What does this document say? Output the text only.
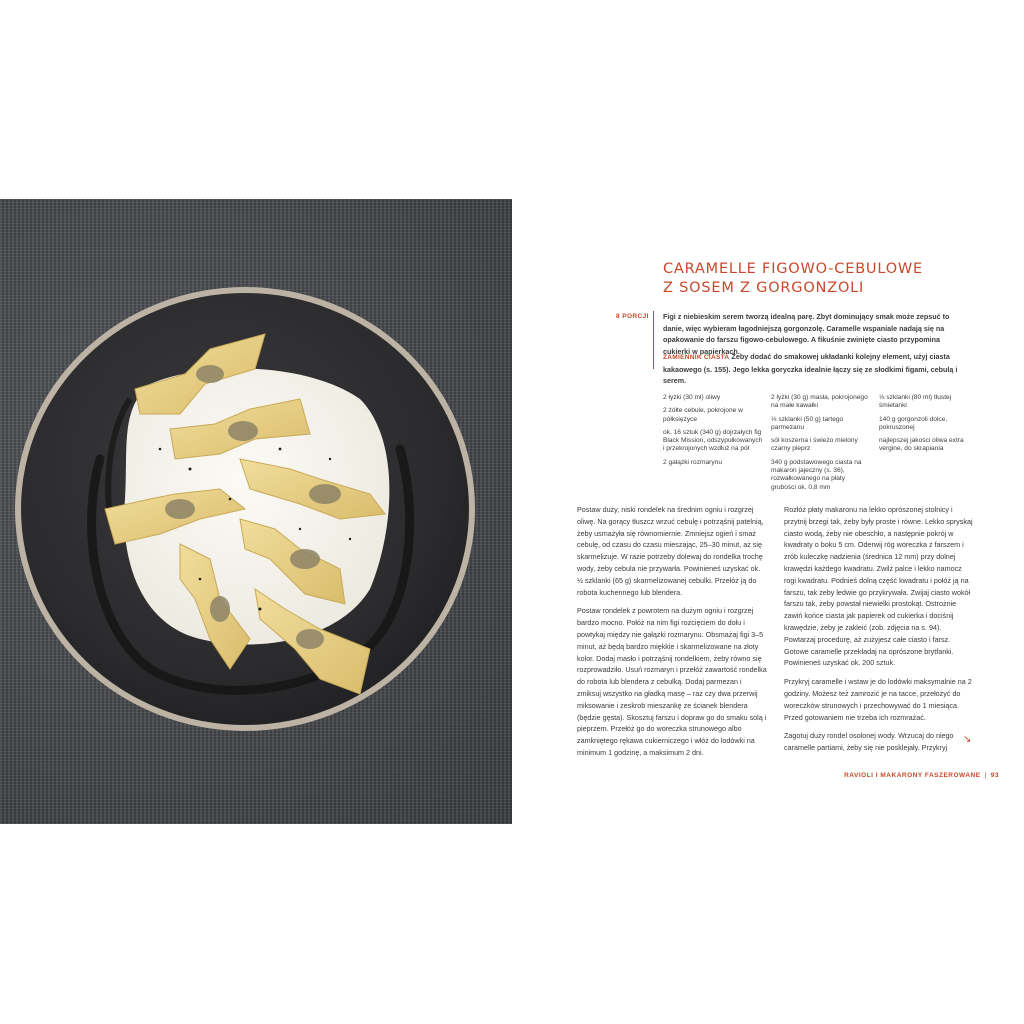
CARAMELLE FIGOWO-CEBULOWE
Z SOSEM Z GORGONZOLI
8 PORCJI Figi z niebieskim serem tworzą idealną parę. Zbyt dominujący smak może zepsuć to danie, więc wybieram łagodniejszą gorgonzolę. Caramelle wspaniale nadają się na opakowanie do farszu figowo-cebulowego. A fikuśnie zwinięte ciasto przypomina cukierki w papierkach.

ZAMIENNIK CIASTA Żeby dodać do smakowej układanki kolejny element, użyj ciasta kakaowego (s. 155). Jego lekka goryczka idealnie łączy się ze słodkimi figami, cebulą i serem.

2 łyżki (30 ml) oliwy
2 żółte cebule, pokrojone w półksiężyce
ok. 16 sztuk (340 g) dojrzałych fig Black Mission, odszypułkowanych i przekrojonych wzdłuż na pół
2 gałązki rozmarynu
2 łyżki (30 g) masła, pokrojonego na małe kawałki
⅓ szklanki (50 g) tartego parmezanu
sól koszerna i świeżo mielony czarny pieprz
340 g podstawowego ciasta na makaron jajeczny (s. 36), rozwałkowanego na płaty grubości ok. 0,8 mm
⅓ szklanki (80 ml) tłustej śmietanki
140 g gorgonzoli dolce, pokruszonej
najlepszej jakości oliwa extra vergine, do skrapiania

Postaw duży, niski rondelek na średnim ogniu i rozgrzej oliwę. Na gorący tłuszcz wrzuć cebulę i potrząśnij patelnią, żeby usmażyła się równomiernie. Zmniejsz ogień i smaż cebulę, od czasu do czasu mieszając, 25–30 minut, aż się skarmelizuje. W razie potrzeby dolewaj do rondelka trochę wody, żeby cebula nie przywarła. Powinieneś uzyskać ok. ½ szklanki (65 g) skarmelizowanej cebulki. Przełóż ją do robota kuchennego lub blendera.

Postaw rondelek z powrotem na dużym ogniu i rozgrzej bardzo mocno. Połóż na nim figi rozcięciem do dołu i powtykaj między nie gałązki rozmarynu. Obsmażaj figi 3–5 minut, aż będą bardzo miękkie i skarmelizowane na złoty kolor. Dodaj masło i potrząśnij rondelkiem, żeby równo się rozprowadziło. Usuń rozmaryn i przełóż zawartość rondelka do robota lub blendera z cebulką. Dodaj parmezan i zmiksuj wszystko na gładką masę – raz czy dwa przerwij miksowanie i zeskrob mieszankę ze ścianek blendera (będzie gęsta). Skosztuj farszu i dopraw go do smaku solą i pieprzem. Przełóż go do woreczka strunowego albo zamkniętego rękawa cukierniczego i włóż do lodówki na minimum 1 godzinę, a maksimum 2 dni.

Rozłóż płaty makaronu na lekko oprószonej stolnicy i przytnij brzegi tak, żeby były proste i równe. Lekko spryskaj ciasto wodą, żeby nie obeschło, a następnie pokrój w kwadraty o boku 5 cm. Oderwij róg woreczka z farszem i zrób kuleczkę nadzienia (średnica 12 mm) przy dolnej krawędzi każdego kwadratu. Zwilż palce i lekko namocz rogi kwadratu. Podnieś dolną część kwadratu i połóż ją na farszu, tak żeby ledwie go przykrywała. Zwijaj ciasto wokół farszu tak, żeby powstał niewielki prostokąt. Ostrożnie zawiń końce ciasta jak papierek od cukierka i dociśnij krawędzie, żeby je zakleić (zob. zdjęcia na s. 94). Powtarzaj procedurę, aż zużyjesz całe ciasto i farsz. Gotowe caramelle przekładaj na oprószone brytfanki. Powinieneś uzyskać ok. 200 sztuk.

Przykryj caramelle i wstaw je do lodówki maksymalnie na 2 godziny. Możesz też zamrozić je na tacce, przełożyć do woreczków strunowych i przechowywać do 1 miesiąca. Przed gotowaniem nie trzeba ich rozmrażać.

Zagotuj duży rondel osolonej wody. Wrzucaj do niego caramelle partiami, żeby się nie posklejały. Przykryj

↘
RAVIOLI I MAKARONY FASZEROWANE | 93
